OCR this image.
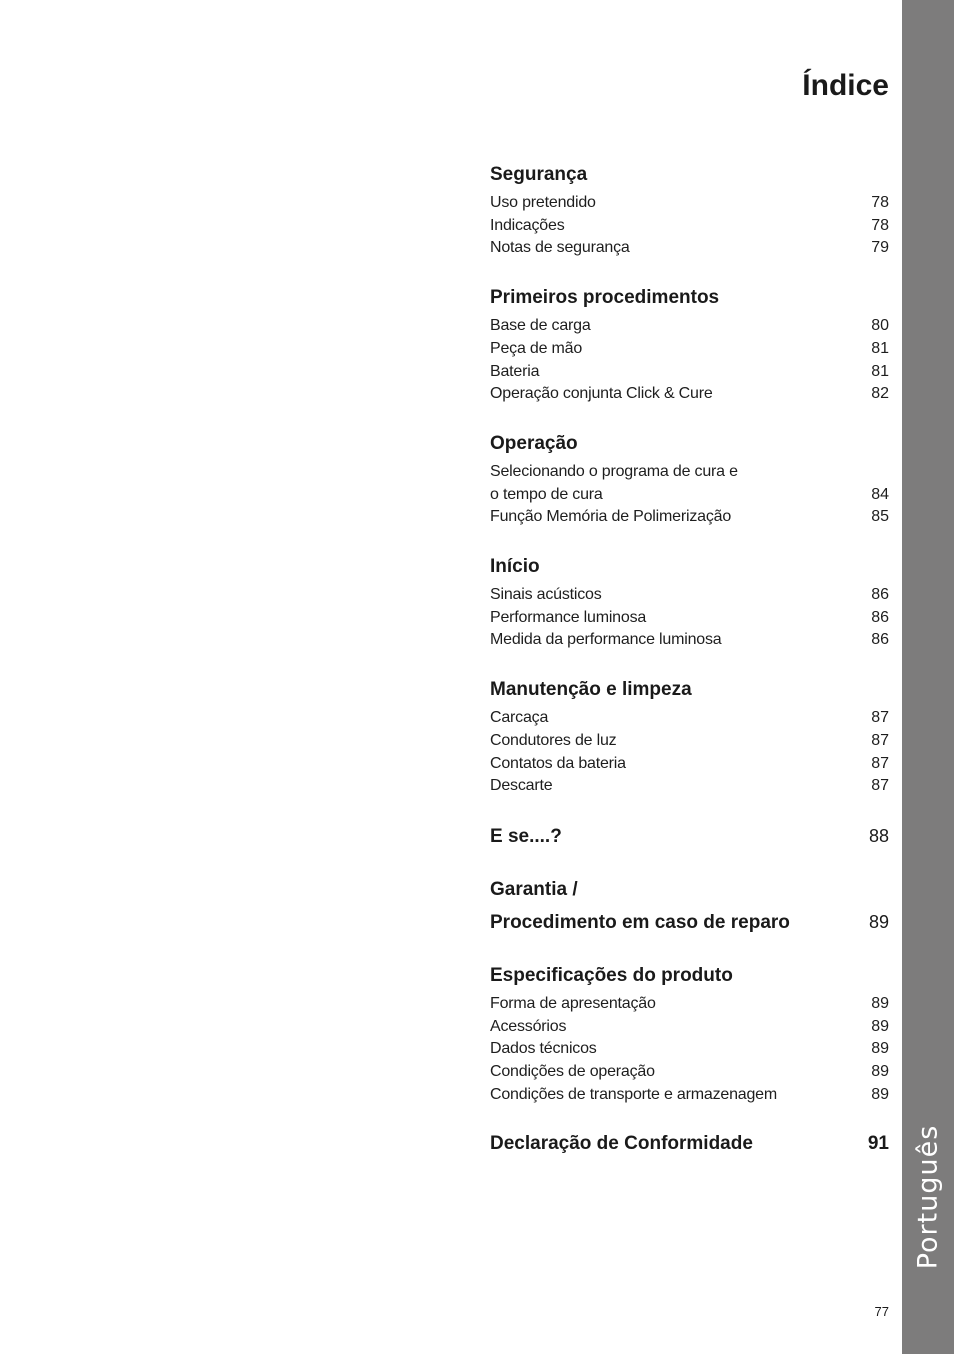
Português
Índice
Segurança
Uso pretendido	78
Indicações	78
Notas de segurança	79
Primeiros procedimentos
Base de carga	80
Peça de mão	81
Bateria	81
Operação conjunta Click & Cure	82
Operação
Selecionando o programa de cura e
o tempo de cura	84
Função Memória de Polimerização	85
Início
Sinais acústicos	86
Performance luminosa	86
Medida da performance luminosa	86
Manutenção e limpeza
Carcaça	87
Condutores de luz	87
Contatos da bateria	87
Descarte	87
E se....?	88
Garantia /
Procedimento em caso de reparo	89
Especificações do produto
Forma de apresentação	89
Acessórios	89
Dados técnicos	89
Condições de operação	89
Condições de transporte e armazenagem	89
Declaração de Conformidade	91
77
